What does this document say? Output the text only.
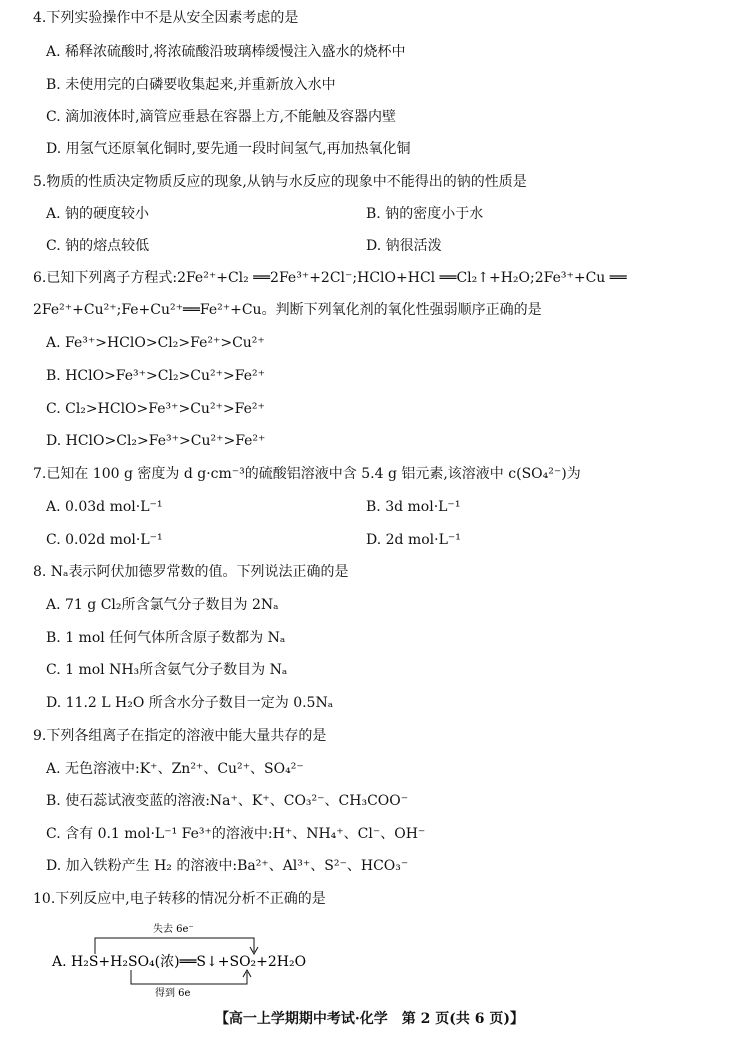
4.下列实验操作中不是从安全因素考虑的是
A. 稀释浓硫酸时,将浓硫酸沿玻璃棒缓慢注入盛水的烧杯中
B. 未使用完的白磷要收集起来,并重新放入水中
C. 滴加液体时,滴管应垂悬在容器上方,不能触及容器内壁
D. 用氢气还原氧化铜时,要先通一段时间氢气,再加热氧化铜
5.物质的性质决定物质反应的现象,从钠与水反应的现象中不能得出的钠的性质是
A. 钠的硬度较小	B. 钠的密度小于水
C. 钠的熔点较低	D. 钠很活泼
6.已知下列离子方程式:2Fe²⁺+Cl₂ ══2Fe³⁺+2Cl⁻;HClO+HCl ══Cl₂↑+H₂O;2Fe³⁺+Cu ══
2Fe²⁺+Cu²⁺;Fe+Cu²⁺══Fe²⁺+Cu。判断下列氧化剂的氧化性强弱顺序正确的是
A. Fe³⁺>HClO>Cl₂>Fe²⁺>Cu²⁺
B. HClO>Fe³⁺>Cl₂>Cu²⁺>Fe²⁺
C. Cl₂>HClO>Fe³⁺>Cu²⁺>Fe²⁺
D. HClO>Cl₂>Fe³⁺>Cu²⁺>Fe²⁺
7.已知在 100 g 密度为 d g·cm⁻³的硫酸铝溶液中含 5.4 g 铝元素,该溶液中 c(SO₄²⁻)为
A. 0.03d mol·L⁻¹	B. 3d mol·L⁻¹
C. 0.02d mol·L⁻¹	D. 2d mol·L⁻¹
8. Nₐ表示阿伏加德罗常数的值。下列说法正确的是
A. 71 g Cl₂所含氯气分子数目为 2Nₐ
B. 1 mol 任何气体所含原子数都为 Nₐ
C. 1 mol NH₃所含氨气分子数目为 Nₐ
D. 11.2 L H₂O 所含水分子数目一定为 0.5Nₐ
9.下列各组离子在指定的溶液中能大量共存的是
A. 无色溶液中:K⁺、Zn²⁺、Cu²⁺、SO₄²⁻
B. 使石蕊试液变蓝的溶液:Na⁺、K⁺、CO₃²⁻、CH₃COO⁻
C. 含有 0.1 mol·L⁻¹ Fe³⁺的溶液中:H⁺、NH₄⁺、Cl⁻、OH⁻
D. 加入铁粉产生 H₂ 的溶液中:Ba²⁺、Al³⁺、S²⁻、HCO₃⁻
10.下列反应中,电子转移的情况分析不正确的是
失去 6e⁻
得到 6e
A. H₂S+H₂SO₄(浓)══S↓+SO₂+2H₂O
【高一上学期期中考试·化学　第 2 页(共 6 页)】
